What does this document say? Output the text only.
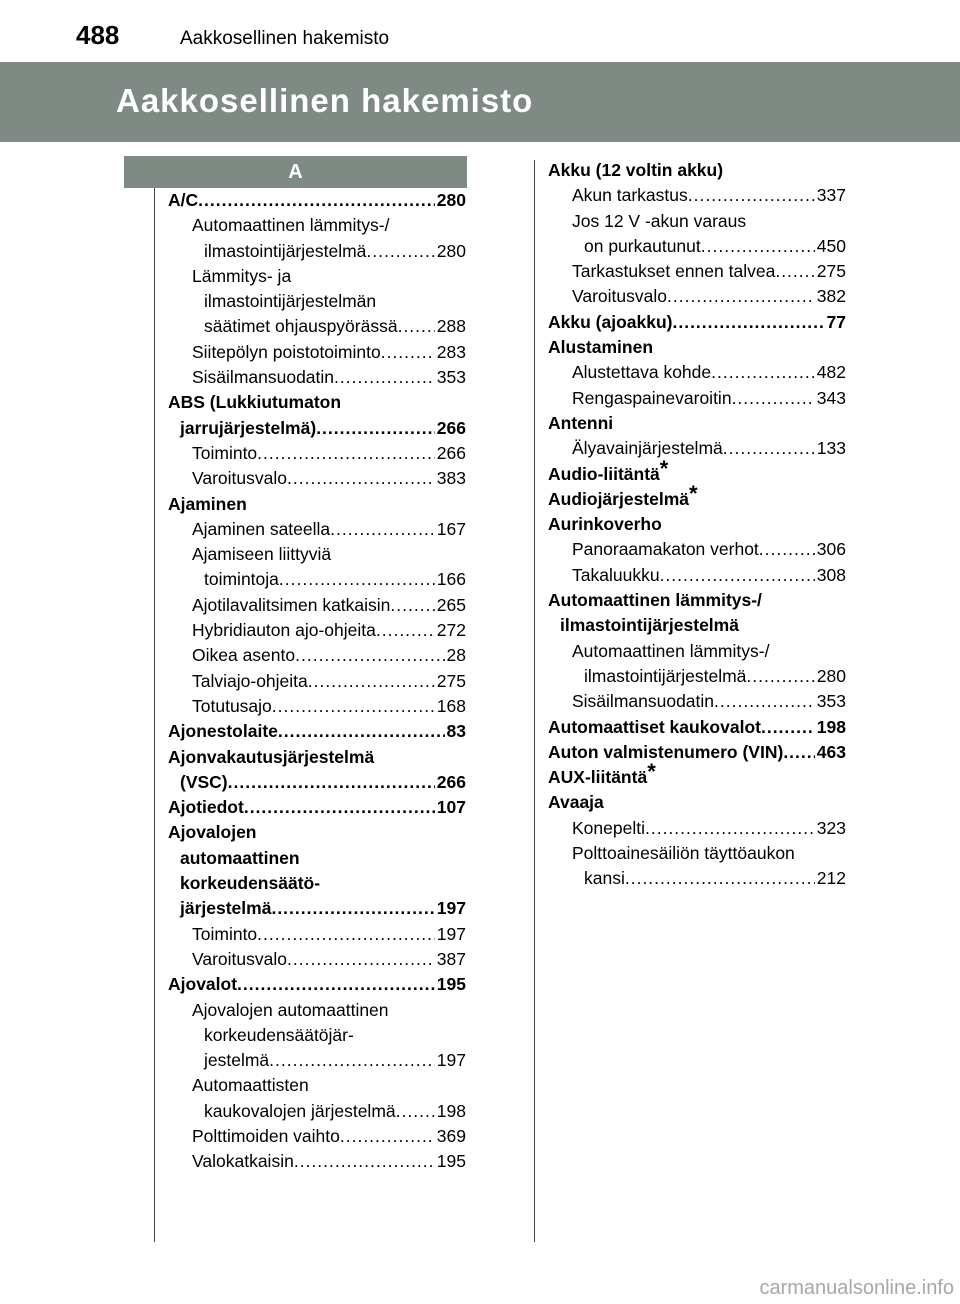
488	Aakkosellinen hakemisto
Aakkosellinen hakemisto
A
A/C .....	280
Automaattinen lämmitys-/
ilmastointijärjestelmä .....	280
Lämmitys- ja
ilmastointijärjestelmän
säätimet ohjauspyörässä ..... 288
Siitepölyn poistotoiminto .....	283
Sisäilmansuodatin .....	353
ABS (Lukkiutumaton
jarrujärjestelmä) .....	266
Toiminto .....	266
Varoitusvalo .....	383
Ajaminen
Ajaminen sateella .....	167
Ajamiseen liittyviä
toimintoja .....	166
Ajotilavalitsimen katkaisin .....	265
Hybridiauton ajo-ohjeita .....	272
Oikea asento .....	28
Talviajo-ohjeita .....	275
Totutusajo .....	168
Ajonestolaite .....	83
Ajonvakautusjärjestelmä
(VSC) .....	266
Ajotiedot .....	107
Ajovalojen
automaattinen
korkeudensäätö-
järjestelmä .....	197
Toiminto .....	197
Varoitusvalo .....	387
Ajovalot .....	195
Ajovalojen automaattinen
korkeudensäätöjär-
jestelmä .....	197
Automaattisten
kaukovalojen järjestelmä ..... 198
Polttimoiden vaihto .....	369
Valokatkaisin .....	195
Akku (12 voltin akku)
Akun tarkastus .....	337
Jos 12 V -akun varaus
on purkautunut .....	450
Tarkastukset ennen talvea ..... 275
Varoitusvalo .....	382
Akku (ajoakku) .....	77
Alustaminen
Alustettava kohde .....	482
Rengaspainevaroitin .....	343
Antenni
Älyavainjärjestelmä .....	133
Audio-liitäntä*
Audiojärjestelmä*
Aurinkoverho
Panoraamakaton verhot .....	306
Takaluukku .....	308
Automaattinen lämmitys-/
ilmastointijärjestelmä
Automaattinen lämmitys-/
ilmastointijärjestelmä .....	280
Sisäilmansuodatin .....	353
Automaattiset kaukovalot .....	198
Auton valmistenumero (VIN) ..... 463
AUX-liitäntä*
Avaaja
Konepelti .....	323
Polttoainesäiliön täyttöaukon
kansi .....	212
carmanualsonline.info
